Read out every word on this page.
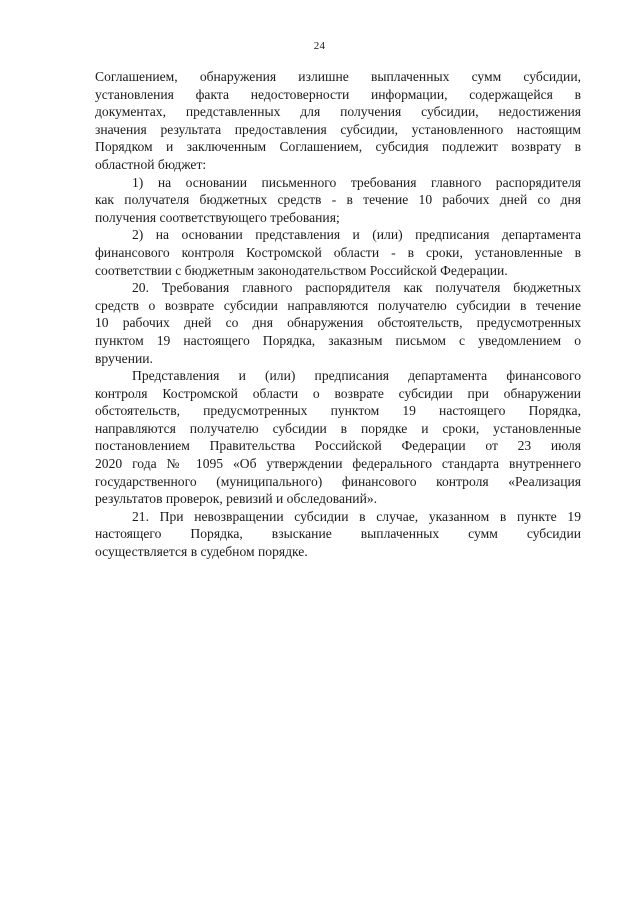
24

Соглашением, обнаружения излишне выплаченных сумм субсидии,
установления факта недостоверности информации, содержащейся в
документах, представленных для получения субсидии, недостижения
значения результата предоставления субсидии, установленного настоящим
Порядком и заключенным Соглашением, субсидия подлежит возврату в
областной бюджет:

1) на основании письменного требования главного распорядителя
как получателя бюджетных средств - в течение 10 рабочих дней со дня
получения соответствующего требования;

2) на основании представления и (или) предписания департамента
финансового контроля Костромской области - в сроки, установленные в
соответствии с бюджетным законодательством Российской Федерации.

20. Требования главного распорядителя как получателя бюджетных
средств о возврате субсидии направляются получателю субсидии в течение
10 рабочих дней со дня обнаружения обстоятельств, предусмотренных
пунктом 19 настоящего Порядка, заказным письмом с уведомлением о
вручении.

Представления и (или) предписания департамента финансового
контроля Костромской области о возврате субсидии при обнаружении
обстоятельств, предусмотренных пунктом 19 настоящего Порядка,
направляются получателю субсидии в порядке и сроки, установленные
постановлением Правительства Российской Федерации от 23 июля
2020 года № 1095 «Об утверждении федерального стандарта внутреннего
государственного (муниципального) финансового контроля «Реализация
результатов проверок, ревизий и обследований».

21. При невозвращении субсидии в случае, указанном в пункте 19
настоящего Порядка, взыскание выплаченных сумм субсидии
осуществляется в судебном порядке.
